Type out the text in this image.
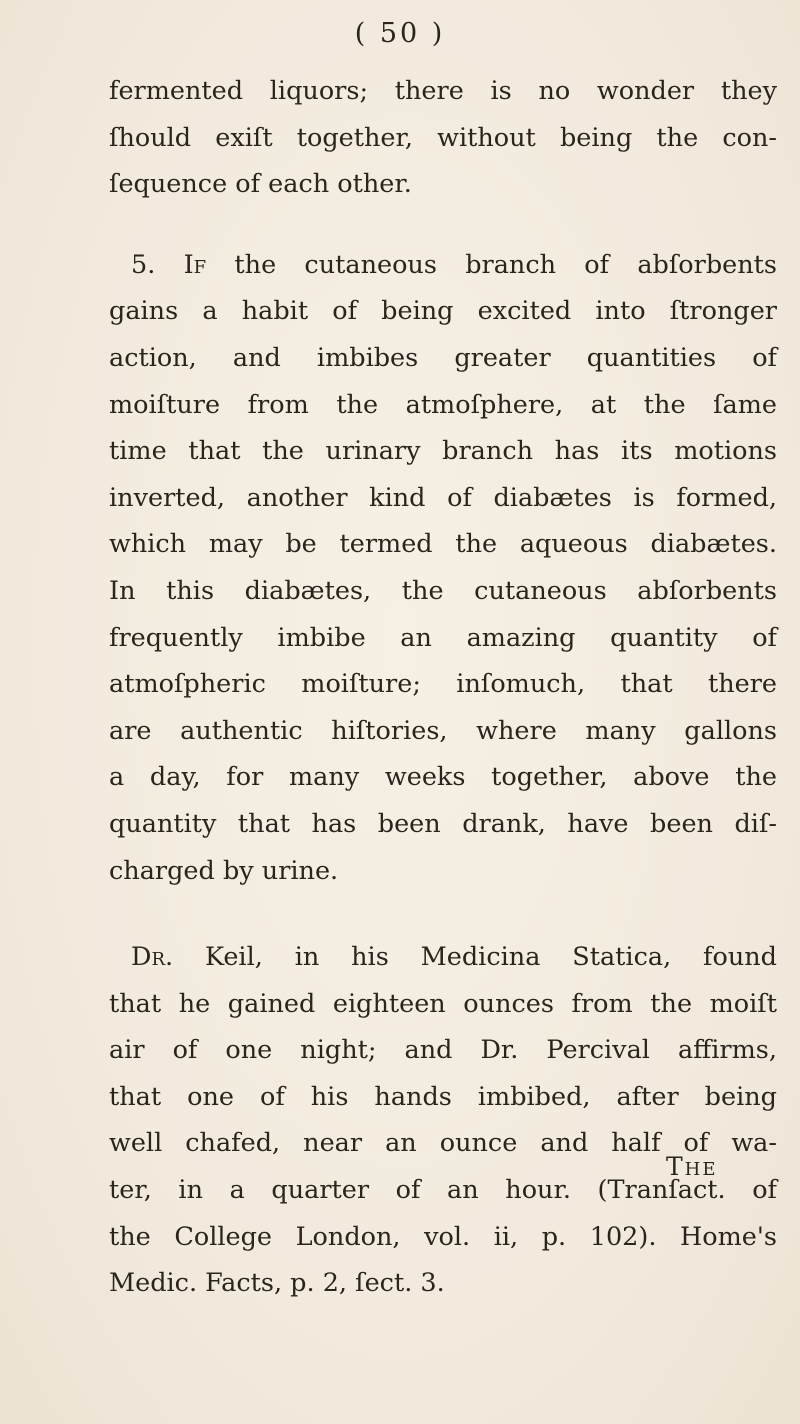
( 50 )
fermented liquors; there is no wonder they
ſhould exiſt together, without being the con-
ſequence of each other.
5. If the cutaneous branch of abſorbents
gains a habit of being excited into ſtronger
action, and imbibes greater quantities of
moiſture from the atmoſphere, at the ſame
time that the urinary branch has its motions
inverted, another kind of diabætes is formed,
which may be termed the aqueous diabætes.
In this diabætes, the cutaneous abſorbents
frequently imbibe an amazing quantity of
atmoſpheric moiſture; inſomuch, that there
are authentic hiſtories, where many gallons
a day, for many weeks together, above the
quantity that has been drank, have been diſ-
charged by urine.
Dr. Keil, in his Medicina Statica, found
that he gained eighteen ounces from the moiſt
air of one night; and Dr. Percival affirms,
that one of his hands imbibed, after being
well chafed, near an ounce and half of wa-
ter, in a quarter of an hour. (Tranſact. of
the College London, vol. ii, p. 102). Home's
Medic. Facts, p. 2, ſect. 3.
The
